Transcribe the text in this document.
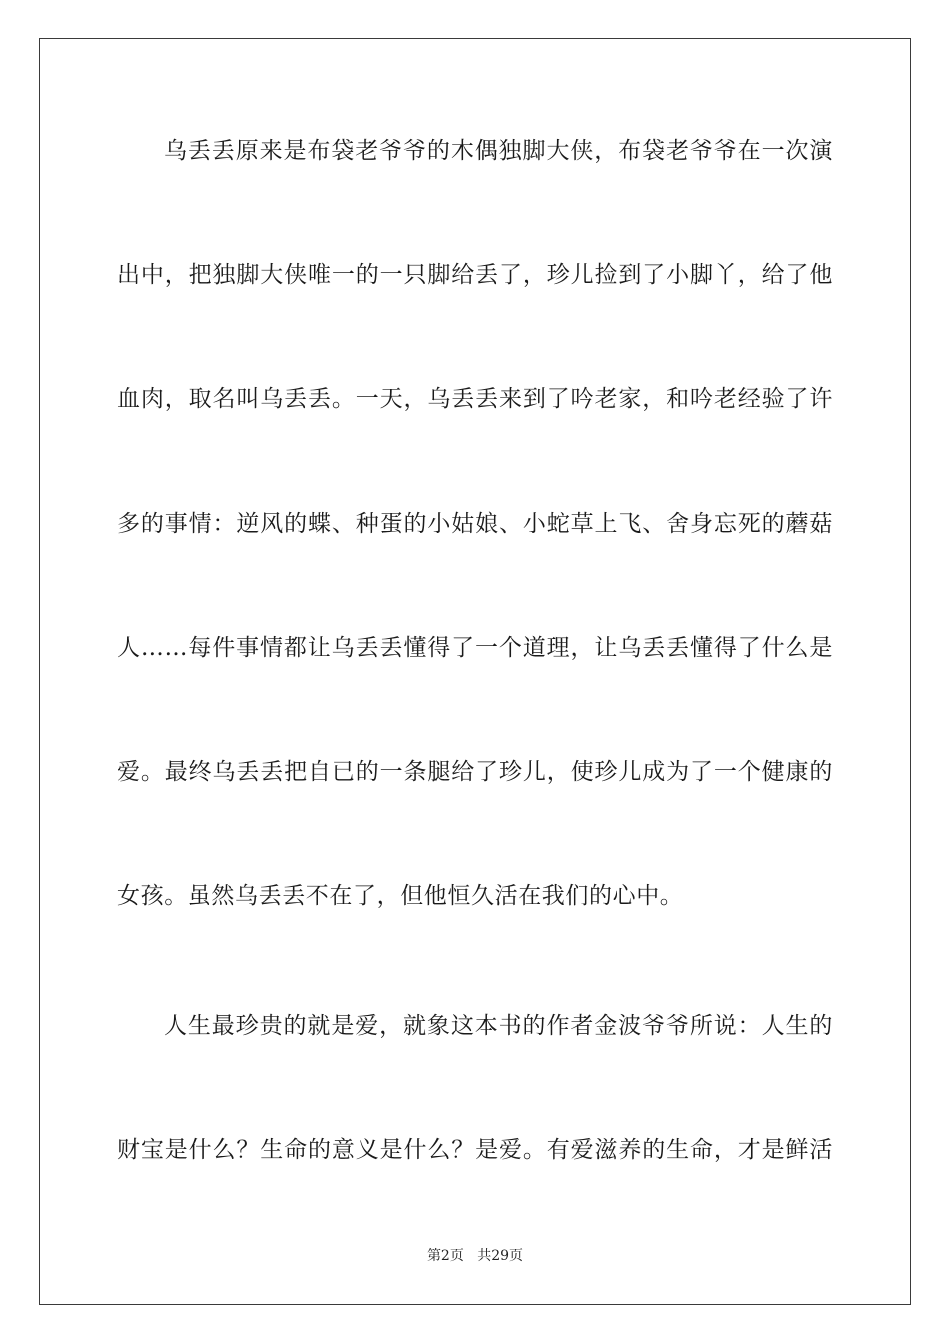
乌丢丢原来是布袋老爷爷的木偶独脚大侠，布袋老爷爷在一次演
出中，把独脚大侠唯一的一只脚给丢了，珍儿捡到了小脚丫，给了他
血肉，取名叫乌丢丢。一天，乌丢丢来到了吟老家，和吟老经验了许
多的事情：逆风的蝶、种蛋的小姑娘、小蛇草上飞、舍身忘死的蘑菇
人……每件事情都让乌丢丢懂得了一个道理，让乌丢丢懂得了什么是
爱。最终乌丢丢把自已的一条腿给了珍儿，使珍儿成为了一个健康的
女孩。虽然乌丢丢不在了，但他恒久活在我们的心中。
人生最珍贵的就是爱，就象这本书的作者金波爷爷所说：人生的
财宝是什么？生命的意义是什么？是爱。有爱滋养的生命，才是鲜活
第2页 共29页
